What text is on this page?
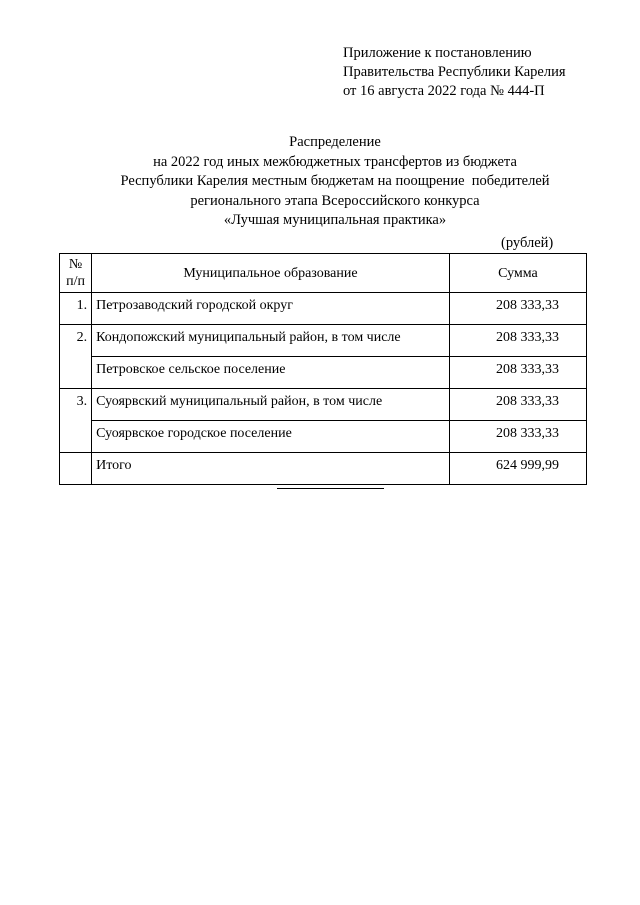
Приложение к постановлению
Правительства Республики Карелия
от 16 августа 2022 года № 444-П
Распределение
на 2022 год иных межбюджетных трансфертов из бюджета
Республики Карелия местным бюджетам на поощрение  победителей
регионального этапа Всероссийского конкурса
«Лучшая муниципальная практика»
(рублей)
№
п/п	Муниципальное образование	Сумма
1.	Петрозаводский городской округ	208 333,33
2.	Кондопожский муниципальный район, в том числе	208 333,33
	Петровское сельское поселение	208 333,33
3.	Суоярвский муниципальный район, в том числе	208 333,33
	Суоярвское городское поселение	208 333,33
	Итого	624 999,99
